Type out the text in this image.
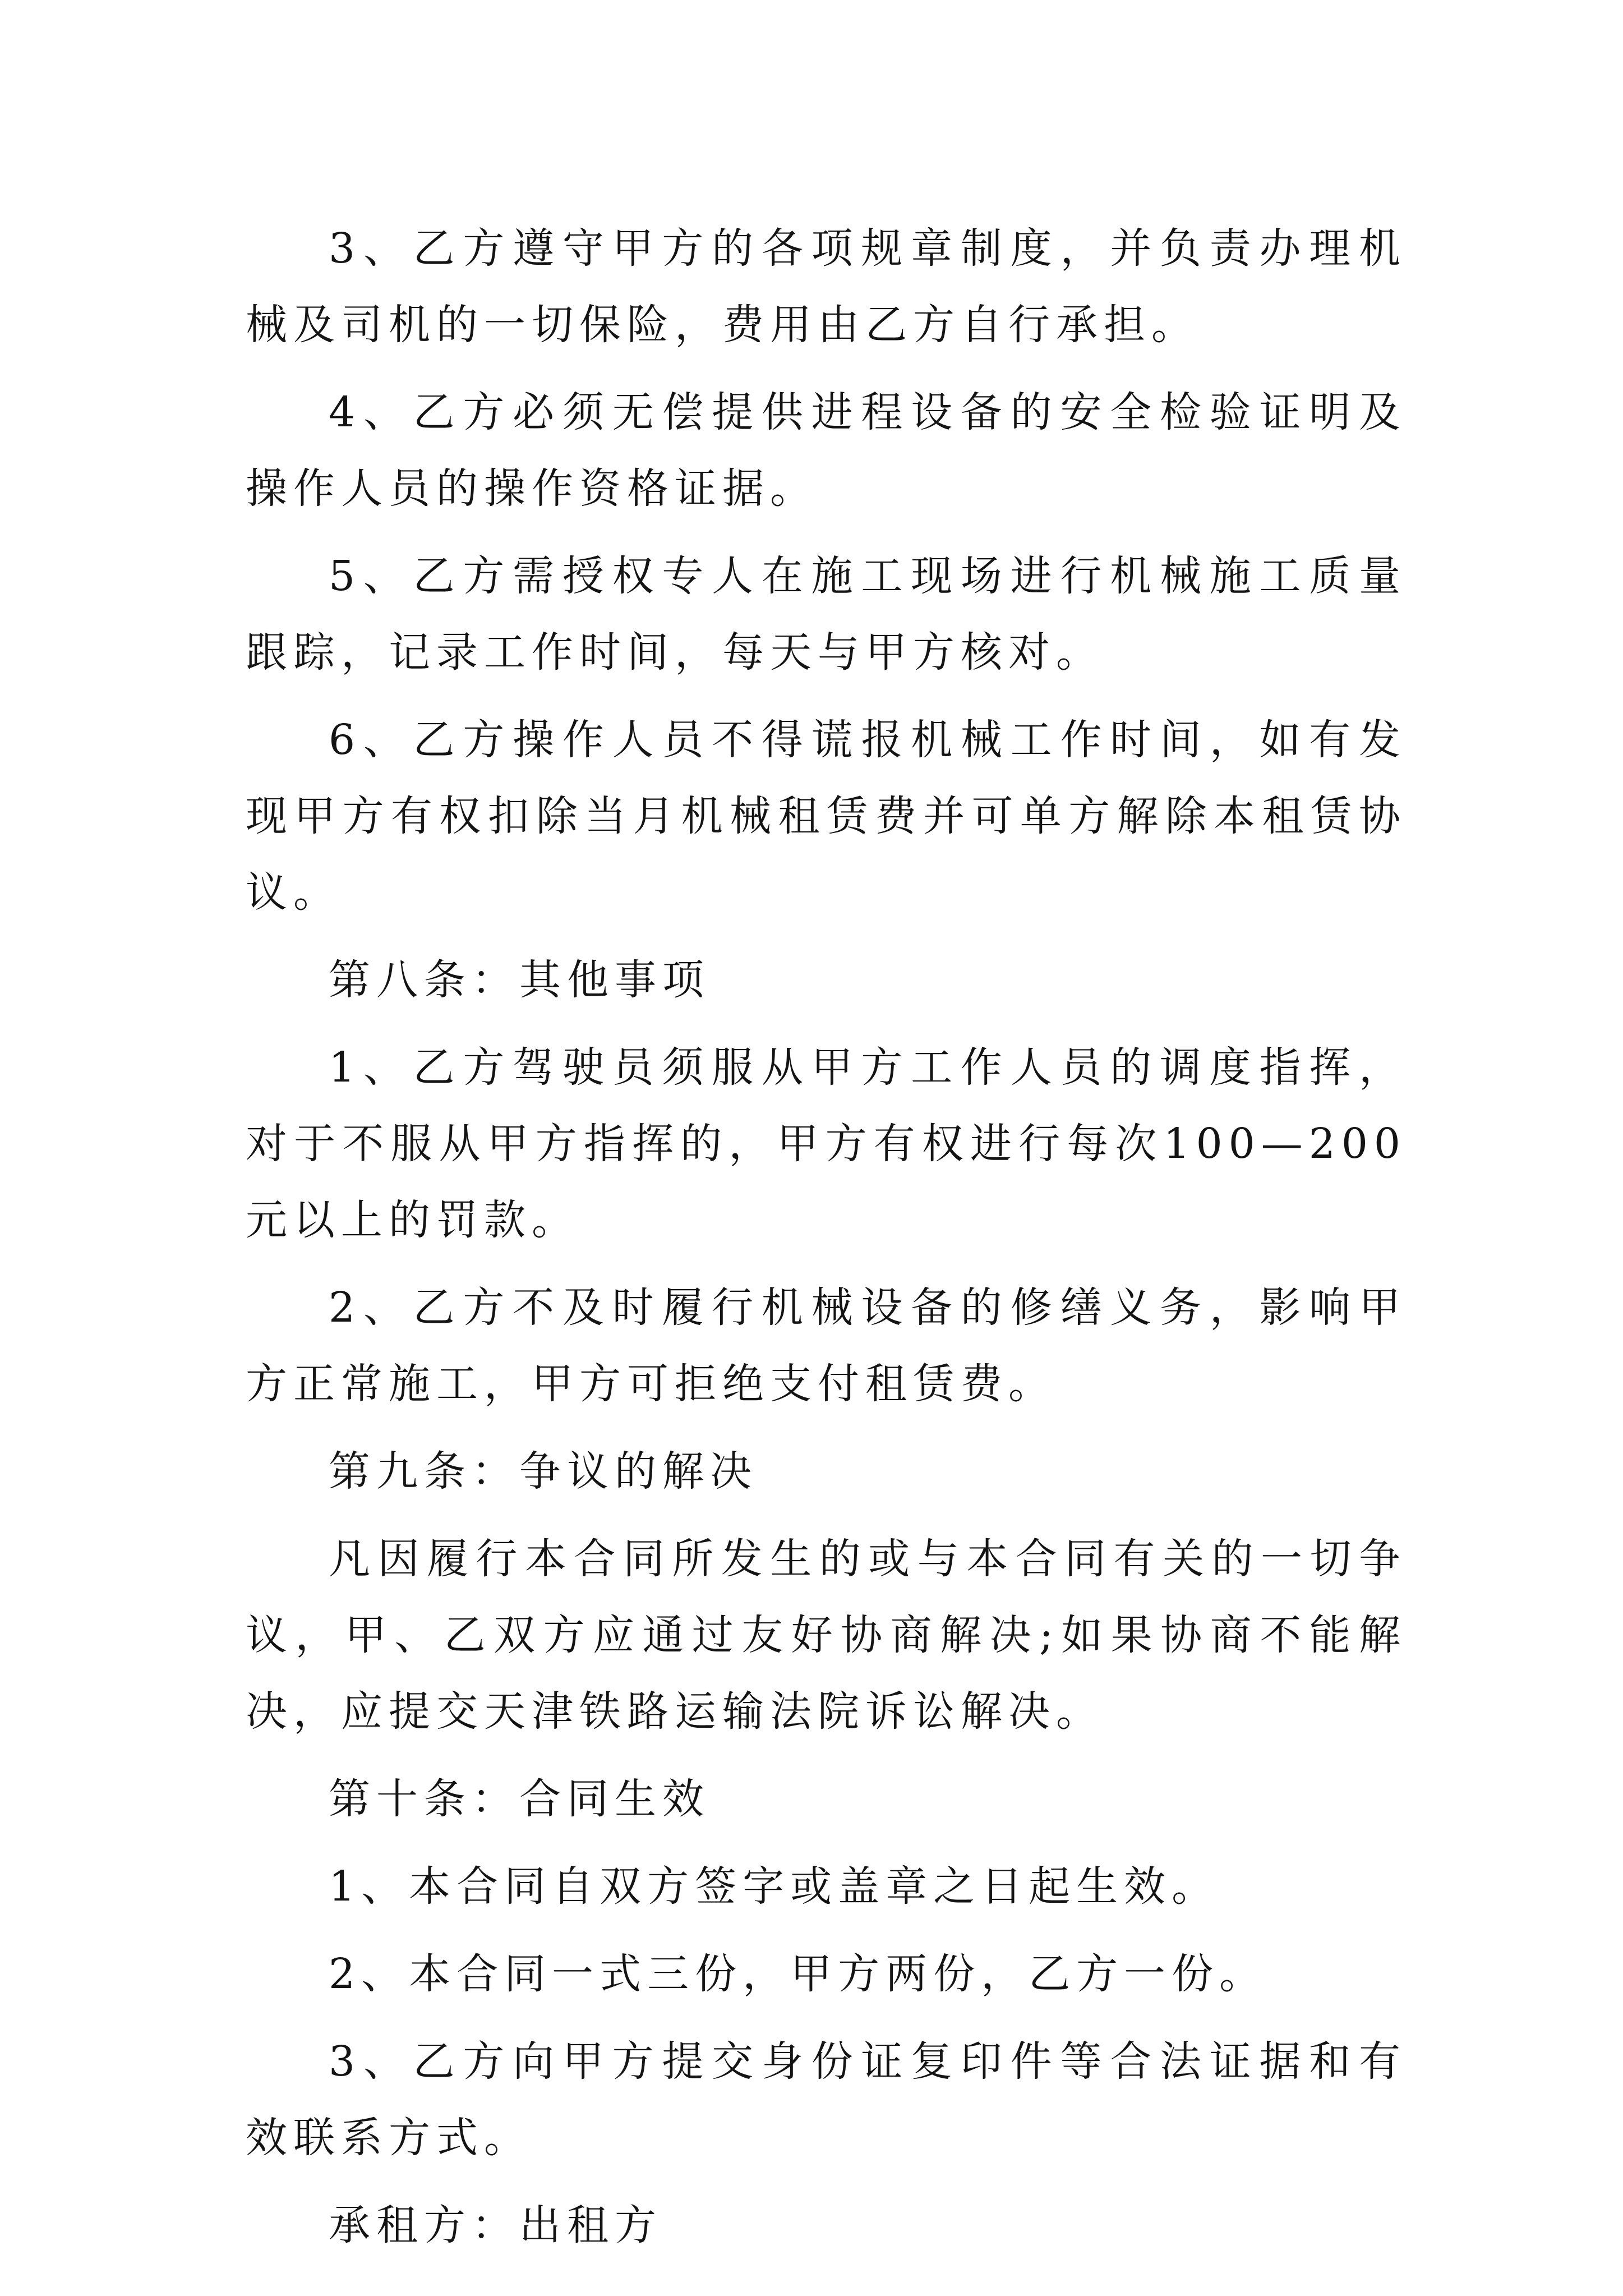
3、乙方遵守甲方的各项规章制度，并负责办理机械及司机的一切保险，费用由乙方自行承担。

4、乙方必须无偿提供进程设备的安全检验证明及操作人员的操作资格证据。

5、乙方需授权专人在施工现场进行机械施工质量跟踪，记录工作时间，每天与甲方核对。

6、乙方操作人员不得谎报机械工作时间，如有发现甲方有权扣除当月机械租赁费并可单方解除本租赁协议。

第八条：其他事项

1、乙方驾驶员须服从甲方工作人员的调度指挥，对于不服从甲方指挥的，甲方有权进行每次100—200元以上的罚款。

2、乙方不及时履行机械设备的修缮义务，影响甲方正常施工，甲方可拒绝支付租赁费。

第九条：争议的解决

凡因履行本合同所发生的或与本合同有关的一切争议，甲、乙双方应通过友好协商解决;如果协商不能解决，应提交天津铁路运输法院诉讼解决。

第十条：合同生效

1、本合同自双方签字或盖章之日起生效。

2、本合同一式三份，甲方两份，乙方一份。

3、乙方向甲方提交身份证复印件等合法证据和有效联系方式。

承租方：出租方
